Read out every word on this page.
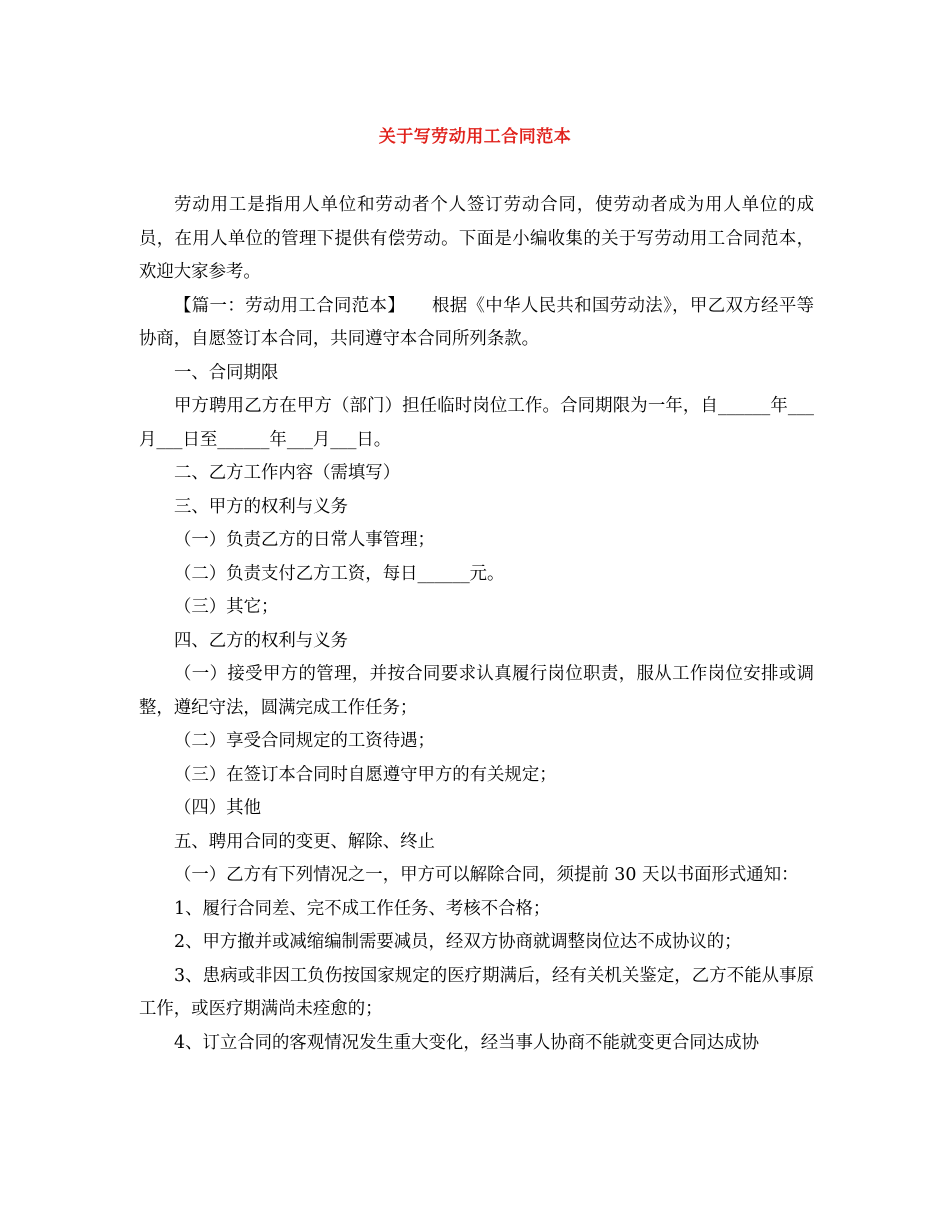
关于写劳动用工合同范本

劳动用工是指用人单位和劳动者个人签订劳动合同，使劳动者成为用人单位的成员，在用人单位的管理下提供有偿劳动。下面是小编收集的关于写劳动用工合同范本，欢迎大家参考。

【篇一：劳动用工合同范本】　　根据《中华人民共和国劳动法》，甲乙双方经平等协商，自愿签订本合同，共同遵守本合同所列条款。

一、合同期限

甲方聘用乙方在甲方（部门）担任临时岗位工作。合同期限为一年，自______年___月___日至______年___月___日。

二、乙方工作内容（需填写）

三、甲方的权利与义务

（一）负责乙方的日常人事管理；

（二）负责支付乙方工资，每日______元。

（三）其它；

四、乙方的权利与义务

（一）接受甲方的管理，并按合同要求认真履行岗位职责，服从工作岗位安排或调整，遵纪守法，圆满完成工作任务；

（二）享受合同规定的工资待遇；

（三）在签订本合同时自愿遵守甲方的有关规定；

（四）其他

五、聘用合同的变更、解除、终止

（一）乙方有下列情况之一，甲方可以解除合同，须提前 30 天以书面形式通知：

1、履行合同差、完不成工作任务、考核不合格；

2、甲方撤并或减缩编制需要减员，经双方协商就调整岗位达不成协议的；

3、患病或非因工负伤按国家规定的医疗期满后，经有关机关鉴定，乙方不能从事原工作，或医疗期满尚未痊愈的；

4、订立合同的客观情况发生重大变化，经当事人协商不能就变更合同达成协
